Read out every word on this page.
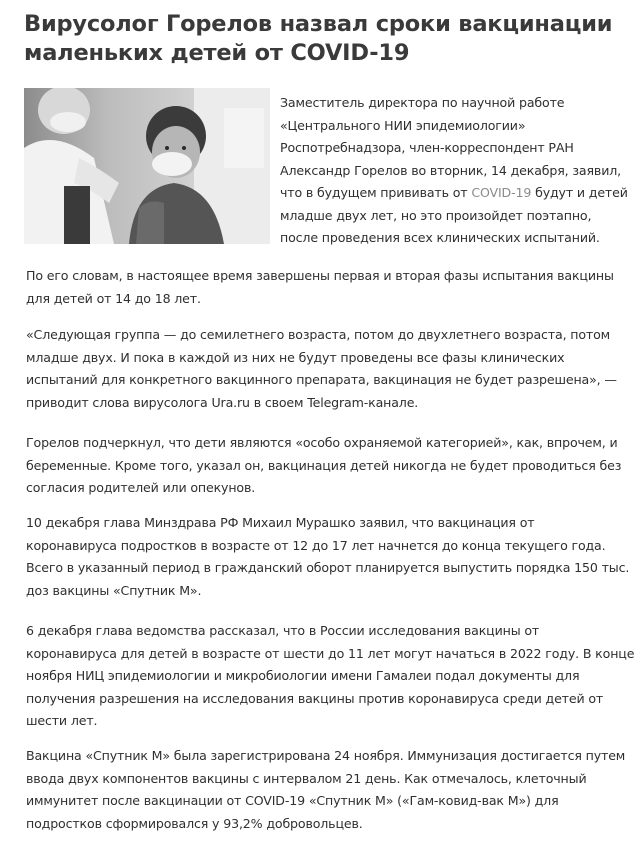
Вирусолог Горелов назвал сроки вакцинации маленьких детей от COVID-19

Заместитель директора по научной работе
«Центрального НИИ эпидемиологии»
Роспотребнадзора, член-корреспондент РАН
Александр Горелов во вторник, 14 декабря, заявил,
что в будущем прививать от COVID-19 будут и детей
младше двух лет, но это произойдет поэтапно,
после проведения всех клинических испытаний.

По его словам, в настоящее время завершены первая и вторая фазы испытания вакцины
для детей от 14 до 18 лет.

«Следующая группа — до семилетнего возраста, потом до двухлетнего возраста, потом
младше двух. И пока в каждой из них не будут проведены все фазы клинических
испытаний для конкретного вакцинного препарата, вакцинация не будет разрешена», —
приводит слова вирусолога Ura.ru в своем Telegram-канале.

Горелов подчеркнул, что дети являются «особо охраняемой категорией», как, впрочем, и
беременные. Кроме того, указал он, вакцинация детей никогда не будет проводиться без
согласия родителей или опекунов.

10 декабря глава Минздрава РФ Михаил Мурашко заявил, что вакцинация от
коронавируса подростков в возрасте от 12 до 17 лет начнется до конца текущего года.
Всего в указанный период в гражданский оборот планируется выпустить порядка 150 тыс.
доз вакцины «Спутник М».

6 декабря глава ведомства рассказал, что в России исследования вакцины от
коронавируса для детей в возрасте от шести до 11 лет могут начаться в 2022 году. В конце
ноября НИЦ эпидемиологии и микробиологии имени Гамалеи подал документы для
получения разрешения на исследования вакцины против коронавируса среди детей от
шести лет.

Вакцина «Спутник М» была зарегистрирована 24 ноября. Иммунизация достигается путем
ввода двух компонентов вакцины с интервалом 21 день. Как отмечалось, клеточный
иммунитет после вакцинации от COVID-19 «Спутник М» («Гам-ковид-вак М») для
подростков сформировался у 93,2% добровольцев.
